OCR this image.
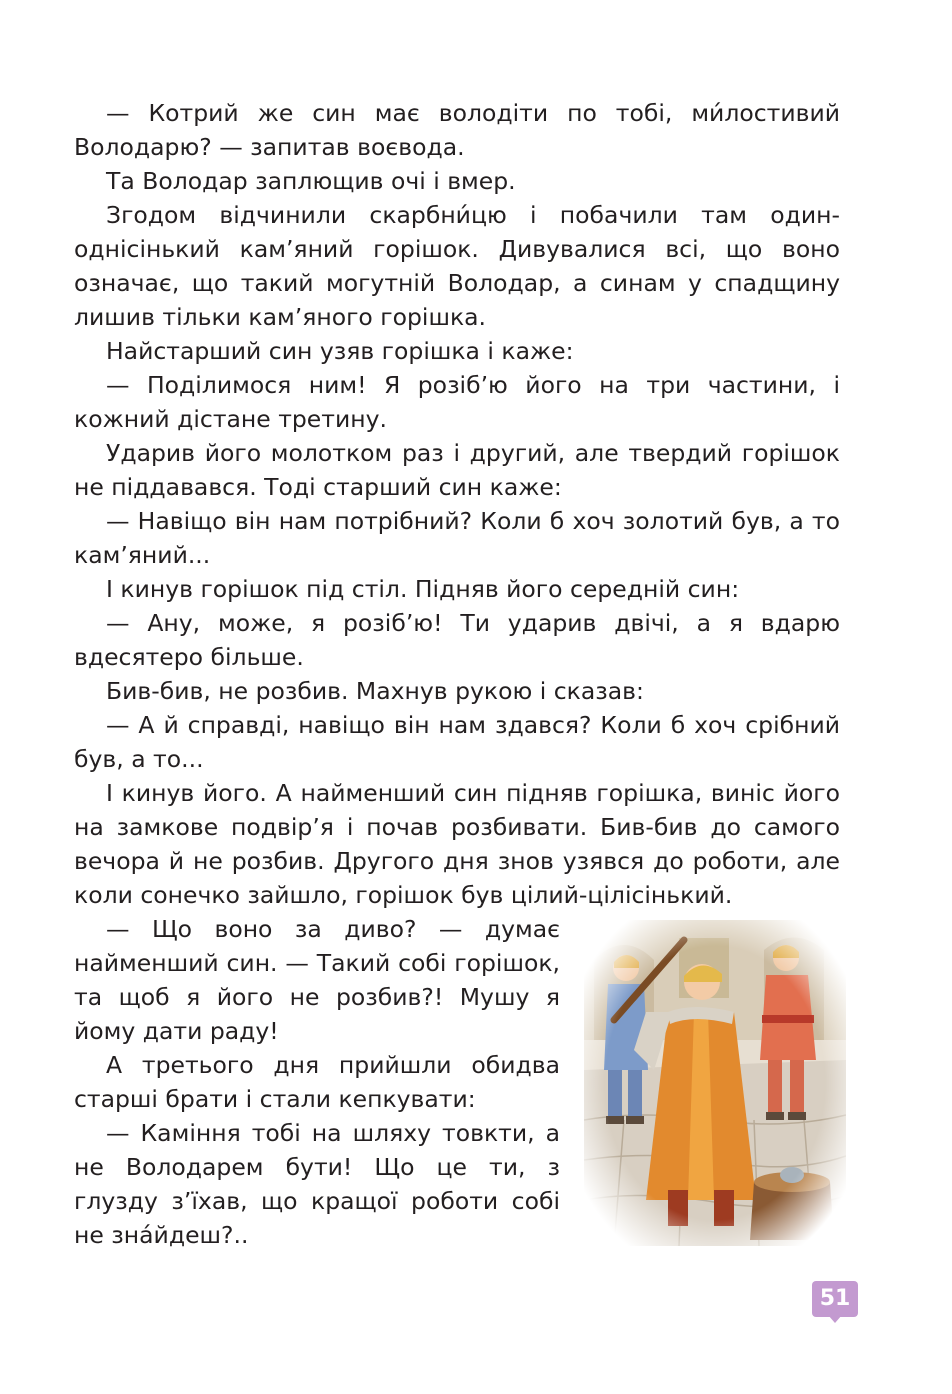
— Котрий же син має володіти по тобі, ми́лостивий Володарю? — запитав воєвода.

Та Володар заплющив очі і вмер.

Згодом відчинили скарбни́цю і побачили там один-однісінький кам’яний горішок. Дивувалися всі, що воно означає, що такий могутній Володар, а синам у спадщину лишив тільки кам’яного горішка.

Найстарший син узяв горішка і каже:

— Поділимося ним! Я розіб’ю його на три частини, і кожний дістане третину.

Ударив його молотком раз і другий, але твердий горішок не піддавався. Тоді старший син каже:

— Навіщо він нам потрібний? Коли б хоч золотий був, а то кам’яний...

І кинув горішок під стіл. Підняв його середній син:

— Ану, може, я розіб’ю! Ти ударив двічі, а я вдарю вдесятеро більше.

Бив-бив, не розбив. Махнув рукою і сказав:

— А й справді, навіщо він нам здався? Коли б хоч срібний був, а то...

І кинув його. А найменший син підняв горішка, виніс його на замкове подвір’я і почав розбивати. Бив-бив до самого вечора й не розбив. Другого дня знов узявся до роботи, але коли сонечко зайшло, горішок був цілий-цілісінький.

— Що воно за диво? — думає найменший син. — Такий собі горішок, та щоб я його не розбив?! Мушу я йому дати раду!

А третього дня прийшли обидва старші брати і стали кепкувати:

— Каміння тобі на шляху товкти, а не Володарем бути! Що це ти, з глузду з’їхав, що кращої роботи собі не зна́йдеш?..

51
